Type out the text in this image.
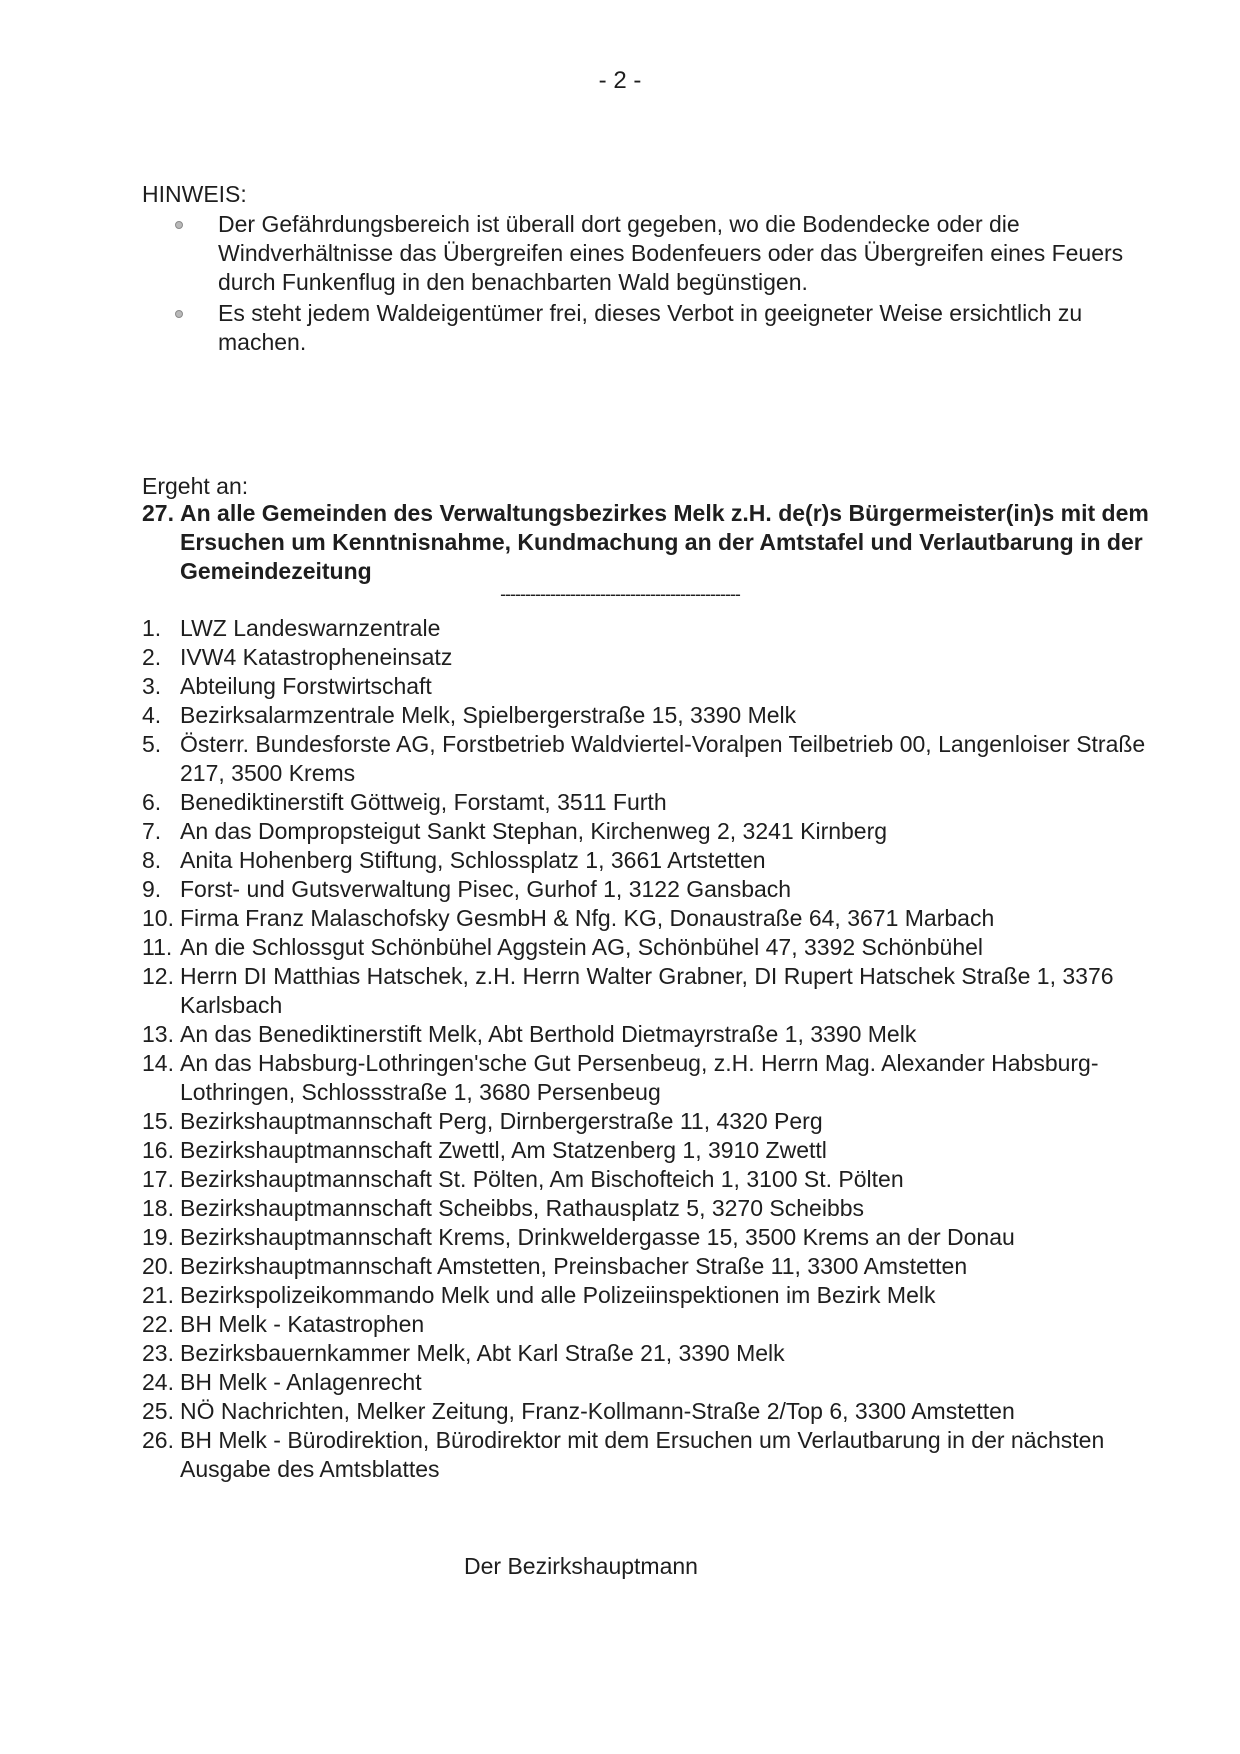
- 2 -
HINWEIS:
Der Gefährdungsbereich ist überall dort gegeben, wo die Bodendecke oder die Windverhältnisse das Übergreifen eines Bodenfeuers oder das Übergreifen eines Feuers durch Funkenflug in den benachbarten Wald begünstigen.
Es steht jedem Waldeigentümer frei, dieses Verbot in geeigneter Weise ersichtlich zu machen.
Ergeht an:
27. An alle Gemeinden des Verwaltungsbezirkes Melk z.H. de(r)s Bürgermeister(in)s mit dem Ersuchen um Kenntnisnahme, Kundmachung an der Amtstafel und Verlautbarung in der Gemeindezeitung
------------------------------------------------
1. LWZ Landeswarnzentrale
2. IVW4 Katastropheneinsatz
3. Abteilung Forstwirtschaft
4. Bezirksalarmzentrale Melk, Spielbergerstraße 15, 3390 Melk
5. Österr. Bundesforste AG, Forstbetrieb Waldviertel-Voralpen Teilbetrieb 00, Langenloiser Straße 217, 3500 Krems
6. Benediktinerstift Göttweig, Forstamt, 3511 Furth
7. An das Dompropsteigut Sankt Stephan, Kirchenweg 2, 3241 Kirnberg
8. Anita Hohenberg Stiftung, Schlossplatz 1, 3661 Artstetten
9. Forst- und Gutsverwaltung Pisec, Gurhof 1, 3122 Gansbach
10. Firma Franz Malaschofsky GesmbH & Nfg. KG, Donaustraße 64, 3671 Marbach
11. An die Schlossgut Schönbühel Aggstein AG, Schönbühel 47, 3392 Schönbühel
12. Herrn DI Matthias Hatschek, z.H. Herrn Walter Grabner, DI Rupert Hatschek Straße 1, 3376 Karlsbach
13. An das Benediktinerstift Melk, Abt Berthold Dietmayrstraße 1, 3390 Melk
14. An das Habsburg-Lothringen'sche Gut Persenbeug, z.H. Herrn Mag. Alexander Habsburg-Lothringen, Schlossstraße 1, 3680 Persenbeug
15. Bezirkshauptmannschaft Perg, Dirnbergerstraße 11, 4320 Perg
16. Bezirkshauptmannschaft Zwettl, Am Statzenberg 1, 3910 Zwettl
17. Bezirkshauptmannschaft St. Pölten, Am Bischofteich 1, 3100 St. Pölten
18. Bezirkshauptmannschaft Scheibbs, Rathausplatz 5, 3270 Scheibbs
19. Bezirkshauptmannschaft Krems, Drinkweldergasse 15, 3500 Krems an der Donau
20. Bezirkshauptmannschaft Amstetten, Preinsbacher Straße 11, 3300 Amstetten
21. Bezirkspolizeikommando Melk und alle Polizeiinspektionen im Bezirk Melk
22. BH Melk - Katastrophen
23. Bezirksbauernkammer Melk, Abt Karl Straße 21, 3390 Melk
24. BH Melk - Anlagenrecht
25. NÖ Nachrichten, Melker Zeitung, Franz-Kollmann-Straße 2/Top 6, 3300 Amstetten
26. BH Melk - Bürodirektion, Bürodirektor mit dem Ersuchen um Verlautbarung in der nächsten Ausgabe des Amtsblattes
Der Bezirkshauptmann
